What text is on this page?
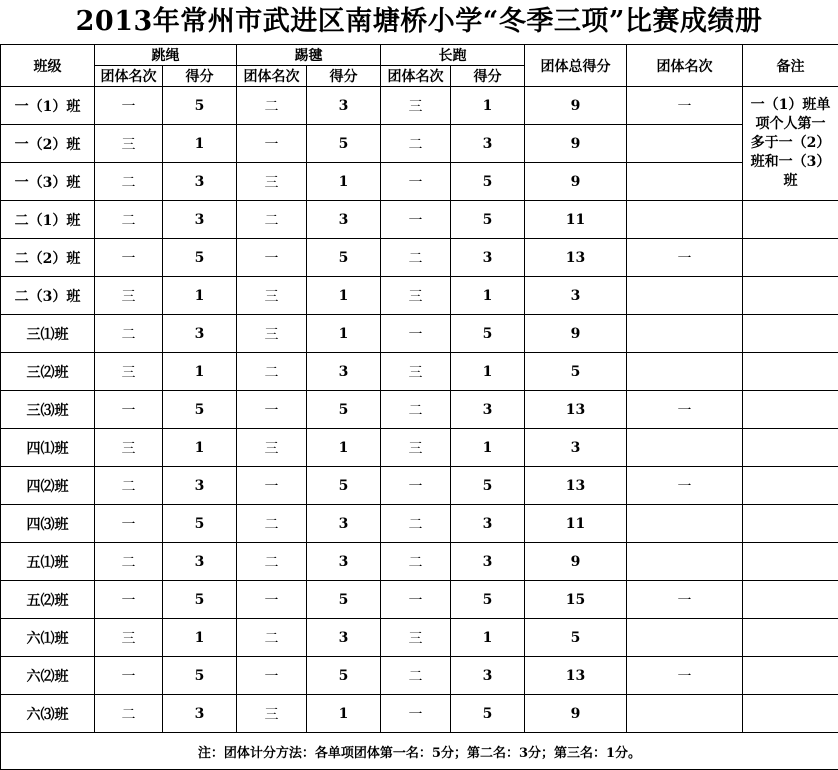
2013年常州市武进区南塘桥小学“冬季三项”比赛成绩册
班级	跳绳		踢毽		长跑		团体总得分	团体名次	备注
	团体名次	得分	团体名次	得分	团体名次	得分			
一（1）班	一	5	二	3	三	1	9	一	一（1）班单
项个人第一
多于一（2）
班和一（3）
班

一（2）班	三	1	一	5	二	3	9		
一（3）班	二	3	三	1	一	5	9		
二（1）班	二	3	二	3	一	5	11		
二（2）班	一	5	一	5	二	3	13	一	
二（3）班	三	1	三	1	三	1	3		
三⑴班	二	3	三	1	一	5	9		
三⑵班	三	1	二	3	三	1	5		
三⑶班	一	5	一	5	二	3	13	一	
四⑴班	三	1	三	1	三	1	3		
四⑵班	二	3	一	5	一	5	13	一	
四⑶班	一	5	二	3	二	3	11		
五⑴班	二	3	二	3	二	3	9		
五⑵班	一	5	一	5	一	5	15	一	
六⑴班	三	1	二	3	三	1	5		
六⑵班	一	5	一	5	二	3	13	一	
六⑶班	二	3	三	1	一	5	9		
注：团体计分方法：各单项团体第一名：5分；第二名：3分；第三名：1分。									
